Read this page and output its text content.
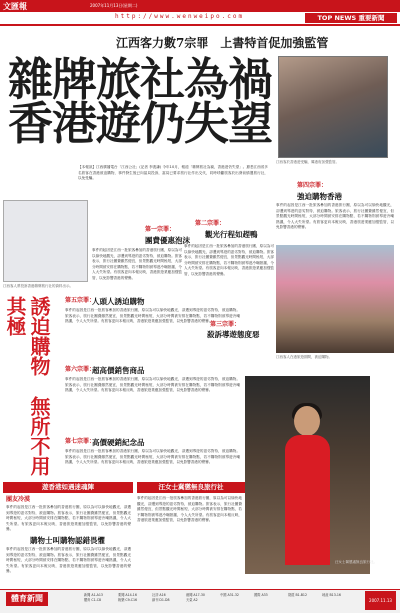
文匯報	2007年11月13日(星期二)
http://www.wenweipo.com	TOP NEWS 重要新聞
江西客力數7宗罪　上書特首促加強監管
雜牌旅社為禍
香港遊仍失望
江西客於香港遊受騙，冀港府加強監管。
【本報訊】江西廣播電台「江西公社」(記者 李浚謙) 今年10月，報道「雜牌旅社為禍，香港遊仍失望」。據悉江西省多名旅客在香港被迫購物，事件發生後已向當局投訴，當局已要求旅行社作出交代，同時呼籲旅客於出發前慎選旅行社，以免受騙。
江西客人將投訴香港雜牌旅行社的資料出示。
誘迫購物　無所不用其極
第一宗罪：
團費優惠泡沫
事件的起因是江西一批旅客參加的香港旅行團，原以為可以愉快地觀光，卻遭到導遊的惡劣對待，被迫購物。旅客表示，旅行社團費雖然便宜，但景點觀光時間極短，大部分時間被安排在購物點，若不購物則被導遊冷嘲熱諷，令人大失所望。有旅客更向本報反映，香港旅遊業應加強監管，以免影響香港的聲譽。
第二宗罪：
觀光行程如趕鴨
事件的起因是江西一批旅客參加的香港旅行團，原以為可以愉快地觀光，卻遭到導遊的惡劣對待，被迫購物。旅客表示，旅行社團費雖然便宜，但景點觀光時間極短，大部分時間被安排在購物點，若不購物則被導遊冷嘲熱諷，令人大失所望。有旅客更向本報反映，香港旅遊業應加強監管，以免影響香港的聲譽。
第三宗罪：
殺訴導遊態度惡
第四宗罪：
強迫購物香港
事件的起因是江西一批旅客參加的香港旅行團，原以為可以愉快地觀光，卻遭到導遊的惡劣對待，被迫購物。旅客表示，旅行社團費雖然便宜，但景點觀光時間極短，大部分時間被安排在購物點，若不購物則被導遊冷嘲熱諷，令人大失所望。有旅客更向本報反映，香港旅遊業應加強監管，以免影響香港的聲譽。
江西客人在港旅遊期間，被迫購物。
第五宗罪：
人頭人誘迫購物
事件的起因是江西一批旅客參加的香港旅行團，原以為可以愉快地觀光，卻遭到導遊的惡劣對待，被迫購物。旅客表示，旅行社團費雖然便宜，但景點觀光時間極短，大部分時間被安排在購物點，若不購物則被導遊冷嘲熱諷，令人大失所望。有旅客更向本報反映，香港旅遊業應加強監管，以免影響香港的聲譽。
第六宗罪：
超高價銷售商品
事件的起因是江西一批旅客參加的香港旅行團，原以為可以愉快地觀光，卻遭到導遊的惡劣對待，被迫購物。旅客表示，旅行社團費雖然便宜，但景點觀光時間極短，大部分時間被安排在購物點，若不購物則被導遊冷嘲熱諷，令人大失所望。有旅客更向本報反映，香港旅遊業應加強監管，以免影響香港的聲譽。
第七宗罪：
高價硬銷紀念品
事件的起因是江西一批旅客參加的香港旅行團，原以為可以愉快地觀光，卻遭到導遊的惡劣對待，被迫購物。旅客表示，旅行社團費雖然便宜，但景點觀光時間極短，大部分時間被安排在購物點，若不購物則被導遊冷嘲熱諷，令人大失所望。有旅客更向本報反映，香港旅遊業應加強監管，以免影響香港的聲譽。
遊香港如遇迷魂陣
團友冷漠
事件的起因是江西一批旅客參加的香港旅行團，原以為可以愉快地觀光，卻遭到導遊的惡劣對待，被迫購物。旅客表示，旅行社團費雖然便宜，但景點觀光時間極短，大部分時間被安排在購物點，若不購物則被導遊冷嘲熱諷，令人大失所望。有旅客更向本報反映，香港旅遊業應加強監管，以免影響香港的聲譽。
購物士叫購物認錯畏懼
事件的起因是江西一批旅客參加的香港旅行團，原以為可以愉快地觀光，卻遭到導遊的惡劣對待，被迫購物。旅客表示，旅行社團費雖然便宜，但景點觀光時間極短，大部分時間被安排在購物點，若不購物則被導遊冷嘲熱諷，令人大失所望。有旅客更向本報反映，香港旅遊業應加強監管，以免影響香港的聲譽。
汪女士冀懲無良旅行社
事件的起因是江西一批旅客參加的香港旅行團，原以為可以愉快地觀光，卻遭到導遊的惡劣對待，被迫購物。旅客表示，旅行社團費雖然便宜，但景點觀光時間極短，大部分時間被安排在購物點，若不購物則被導遊冷嘲熱諷，令人大失所望。有旅客更向本報反映，香港旅遊業應加強監管，以免影響香港的聲譽。
汪女士冀懲處無良旅行社。
體育新聞	新聞 A1-A13	要聞 A14-16	社評 A16	港聞 A17-30	中國 A31-32	國際 A33	財經 B1-B12	地產 B13-16 體育 C1-C8	娛樂 C9-C16	副刊 D1-D8	天氣 A2	2007.11.13
